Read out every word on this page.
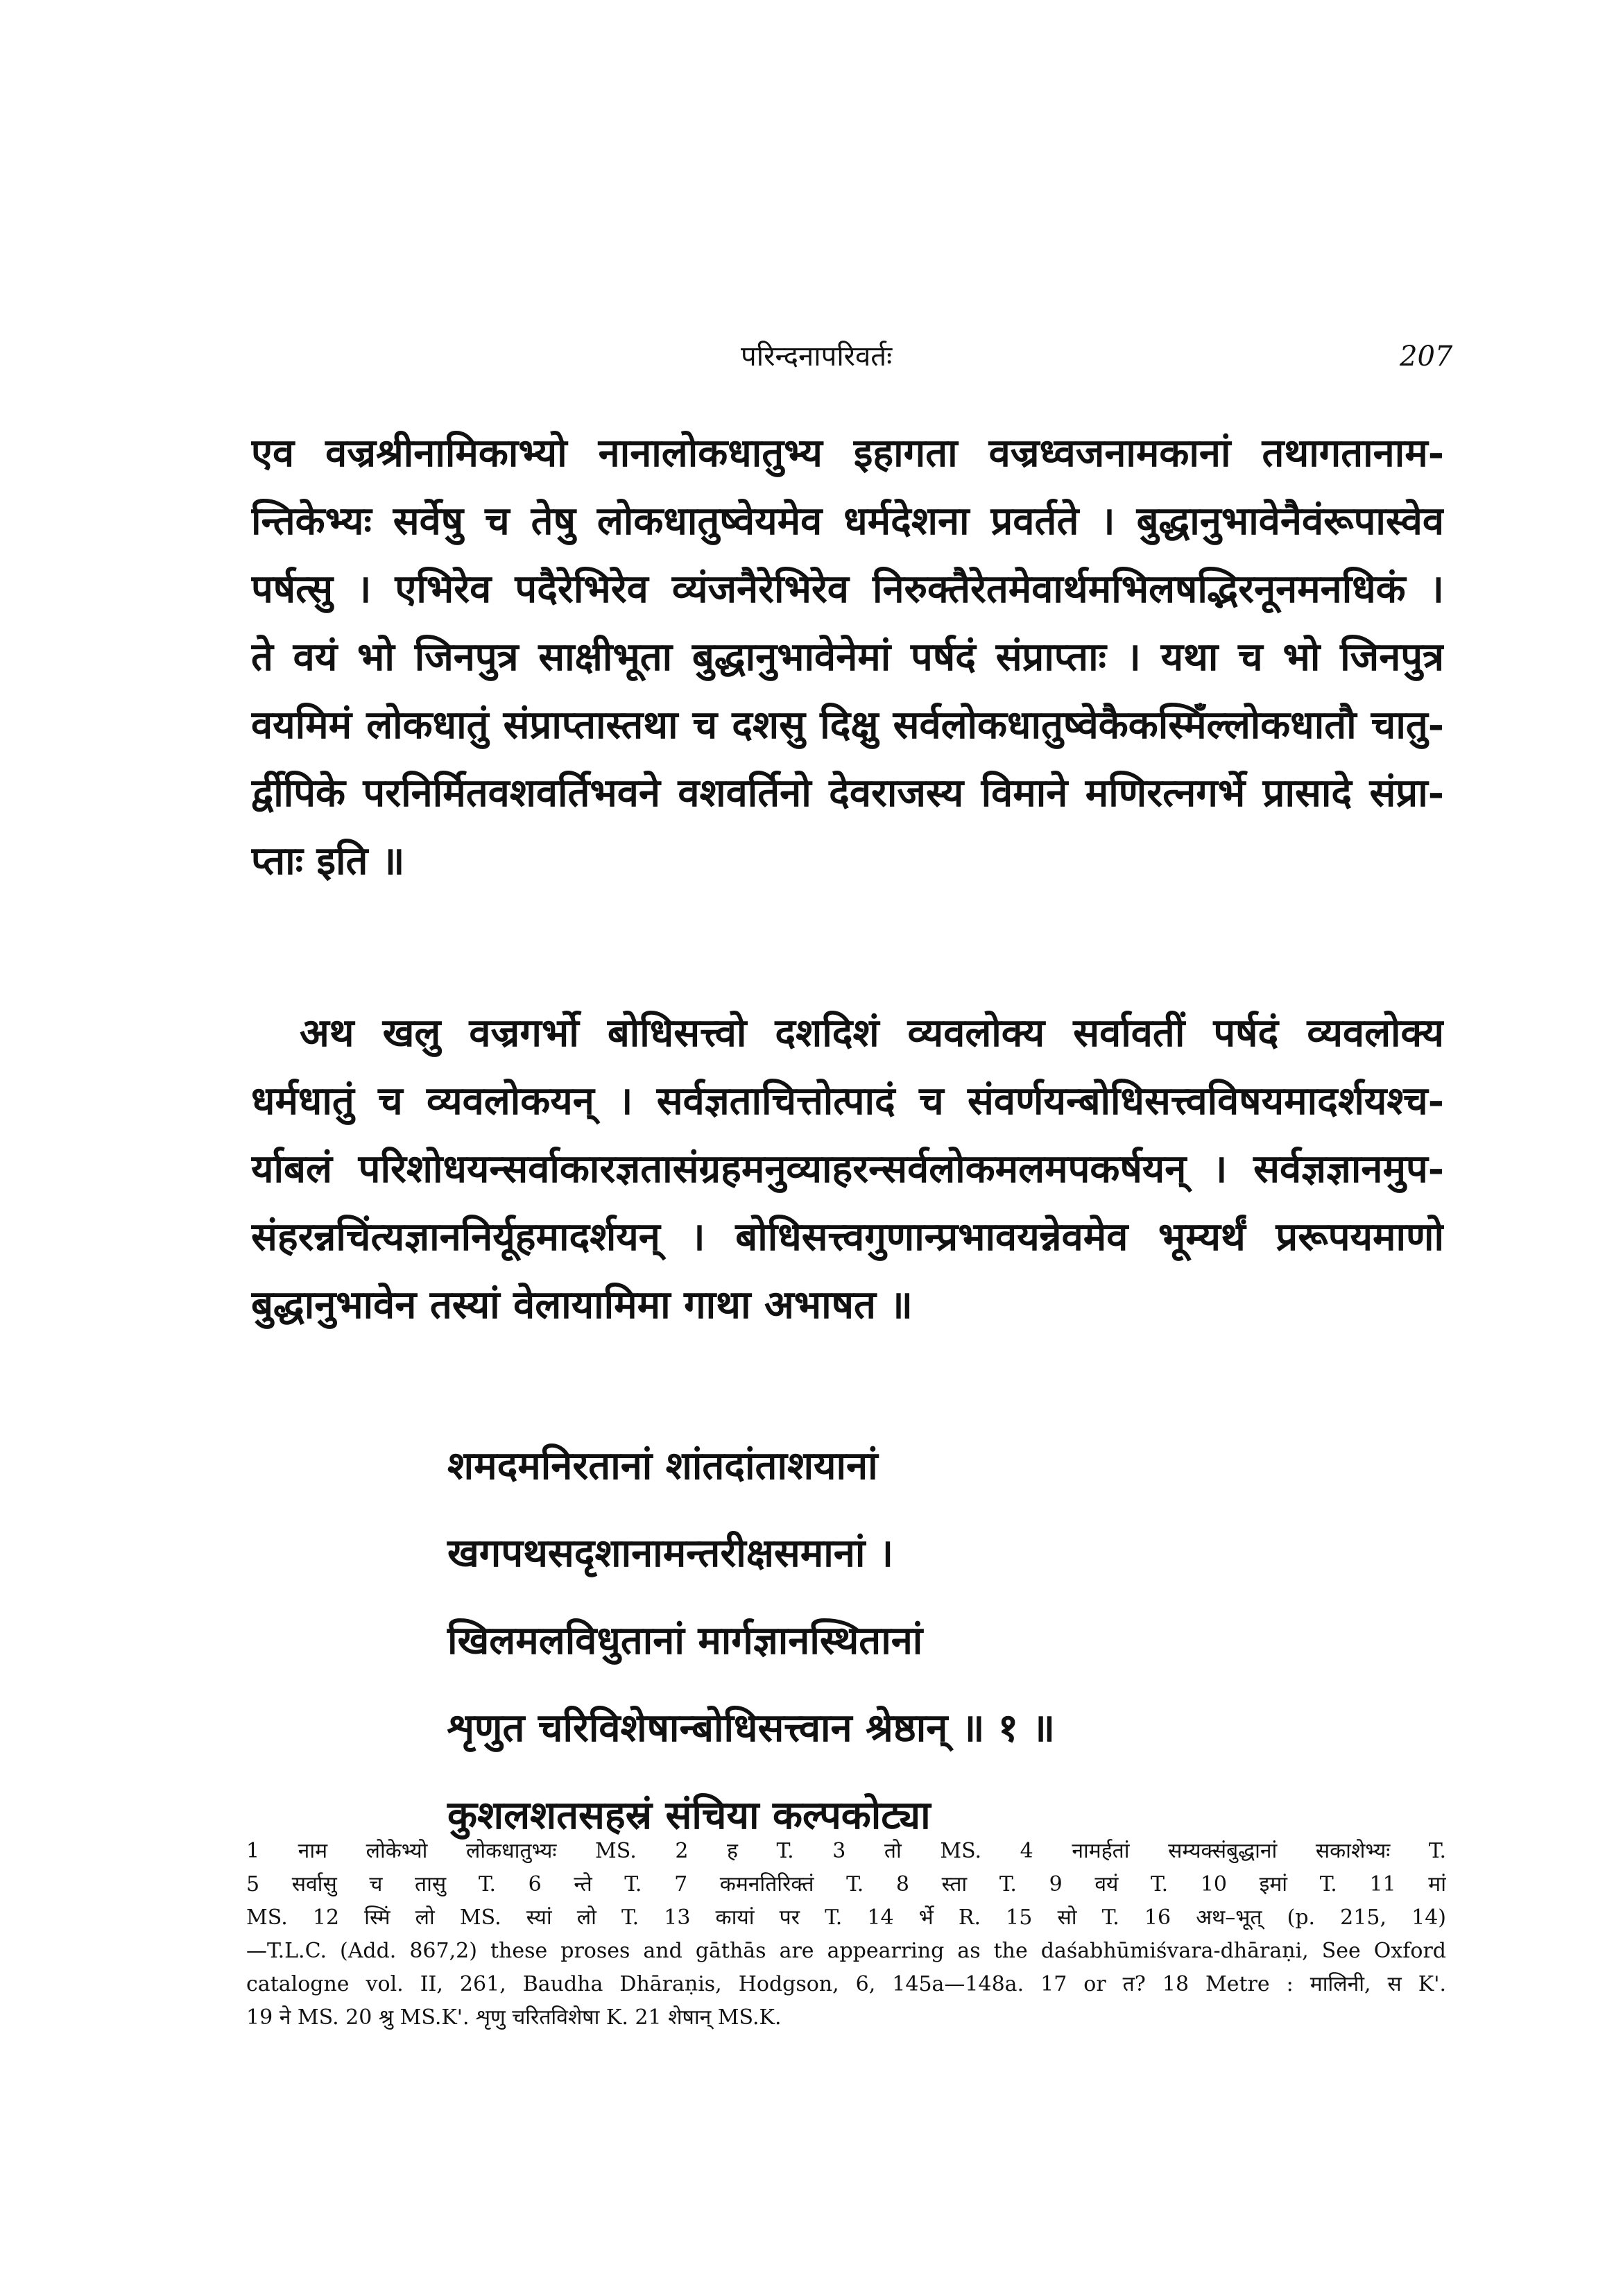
परिन्दनापरिवर्तः	207
एव वज्रश्रीनामिकाभ्यो नानालोकधातुभ्य इहागता वज्रध्वजनामकानां तथागतानाम-
न्तिकेभ्यः सर्वेषु च तेषु लोकधातुष्वेयमेव धर्मदेशना प्रवर्तते । बुद्धानुभावेनैवंरूपास्वेव
पर्षत्सु । एभिरेव पदैरेभिरेव व्यंजनैरेभिरेव निरुक्तैरेतमेवार्थमभिलषद्भिरनूनमनधिकं ।
ते वयं भो जिनपुत्र साक्षीभूता बुद्धानुभावेनेमां पर्षदं संप्राप्ताः । यथा च भो जिनपुत्र
वयमिमं लोकधातुं संप्राप्तास्तथा च दशसु दिक्षु सर्वलोकधातुष्वेकैकस्मिँल्लोकधातौ चातु-
र्द्वीपिके परनिर्मितवशवर्तिभवने वशवर्तिनो देवराजस्य विमाने मणिरत्नगर्भे प्रासादे संप्रा-
प्ताः इति ॥
अथ खलु वज्रगर्भो बोधिसत्त्वो दशदिशं व्यवलोक्य सर्वावतीं पर्षदं व्यवलोक्य
धर्मधातुं च व्यवलोकयन् । सर्वज्ञताचित्तोत्पादं च संवर्णयन्बोधिसत्त्वविषयमादर्शयश्च-
र्याबलं परिशोधयन्सर्वाकारज्ञतासंग्रहमनुव्याहरन्सर्वलोकमलमपकर्षयन् । सर्वज्ञज्ञानमुप-
संहरन्नचिंत्यज्ञाननिर्यूहमादर्शयन् । बोधिसत्त्वगुणान्प्रभावयन्नेवमेव भूम्यर्थं प्ररूपयमाणो
बुद्धानुभावेन तस्यां वेलायामिमा गाथा अभाषत ॥
शमदमनिरतानां शांतदांताशयानां
खगपथसदृशानामन्तरीक्षसमानां ।
खिलमलविधुतानां मार्गज्ञानस्थितानां
शृणुत चरिविशेषान्बोधिसत्त्वान श्रेष्ठान् ॥ १ ॥
कुशलशतसहस्रं संचिया कल्पकोट्या
1 नाम लोकेभ्यो लोकधातुभ्यः MS. 2 ह T. 3 तो MS. 4 नामर्हतां सम्यक्संबुद्धानां सकाशेभ्यः T.
5 सर्वासु च तासु T. 6 न्ते T. 7 कमनतिरिक्तं T. 8 स्ता T. 9 वयं T. 10 इमां T. 11 मां
MS. 12 स्मिं लो MS. स्यां लो T. 13 कायां पर T. 14 र्भे R. 15 सो T. 16 अथ–भूत् (p. 215, 14)
—T.L.C. (Add. 867,2) these proses and gāthās are appearring as the daśabhūmiśvara-dhāraṇi, See Oxford
catalogne vol. II, 261, Baudha Dhāraṇis, Hodgson, 6, 145a—148a. 17 or त? 18 Metre : मालिनी, स K'.
19 ने MS. 20 श्रु MS.K'. शृणु चरितविशेषा K. 21 शेषान् MS.K.
